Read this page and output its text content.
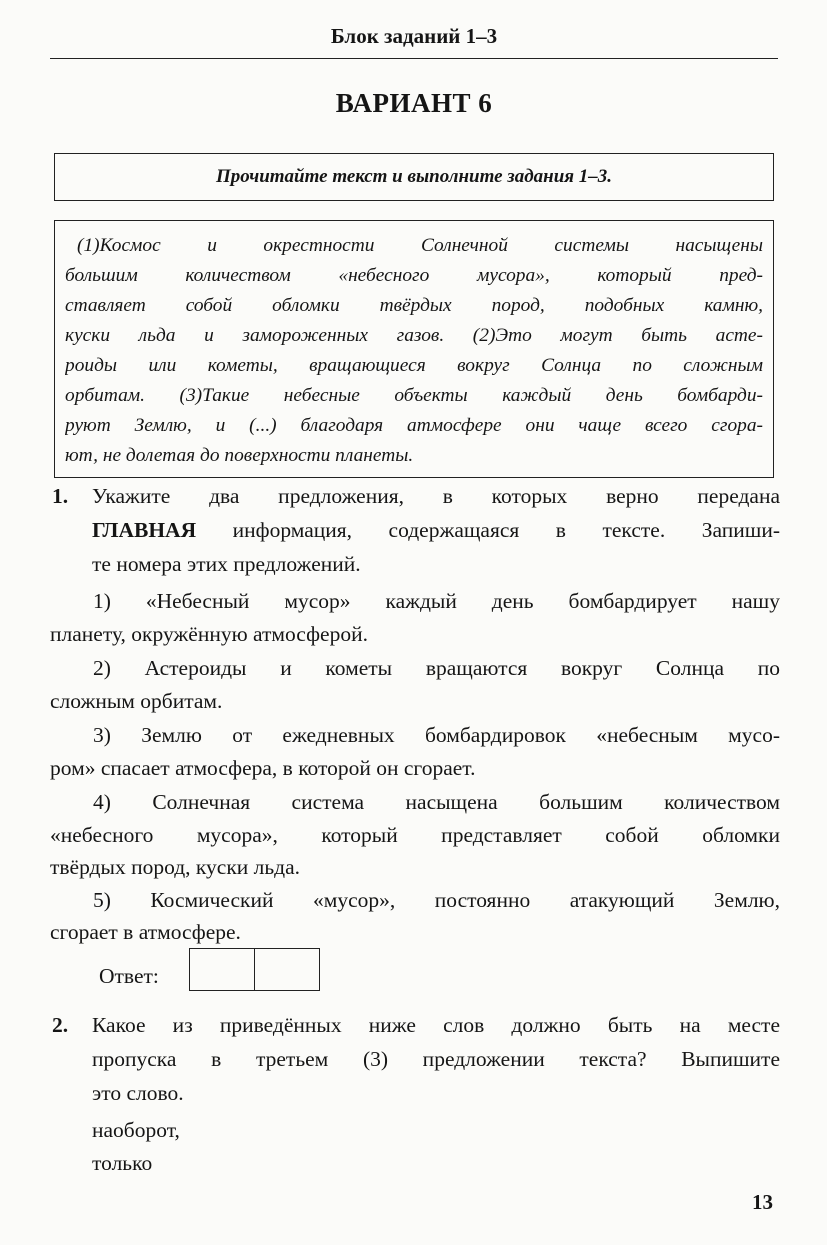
Блок заданий 1–3
ВАРИАНТ 6
Прочитайте текст и выполните задания 1–3.
(1)Космос и окрестности Солнечной системы насыщены
большим количеством «небесного мусора», который пред-
ставляет собой обломки твёрдых пород, подобных камню,
куски льда и замороженных газов. (2)Это могут быть асте-
роиды или кометы, вращающиеся вокруг Солнца по сложным
орбитам. (3)Такие небесные объекты каждый день бомбарди-
руют Землю, и (...) благодаря атмосфере они чаще всего сгора-
ют, не долетая до поверхности планеты.
1. Укажите два предложения, в которых верно передана
ГЛАВНАЯ информация, содержащаяся в тексте. Запиши-
те номера этих предложений.
1) «Небесный мусор» каждый день бомбардирует нашу
планету, окружённую атмосферой.
2) Астероиды и кометы вращаются вокруг Солнца по
сложным орбитам.
3) Землю от ежедневных бомбардировок «небесным мусо-
ром» спасает атмосфера, в которой он сгорает.
4) Солнечная система насыщена большим количеством
«небесного мусора», который представляет собой обломки
твёрдых пород, куски льда.
5) Космический «мусор», постоянно атакующий Землю,
сгорает в атмосфере.
Ответ:
2. Какое из приведённых ниже слов должно быть на месте
пропуска в третьем (3) предложении текста? Выпишите
это слово.
наоборот,
только
13
